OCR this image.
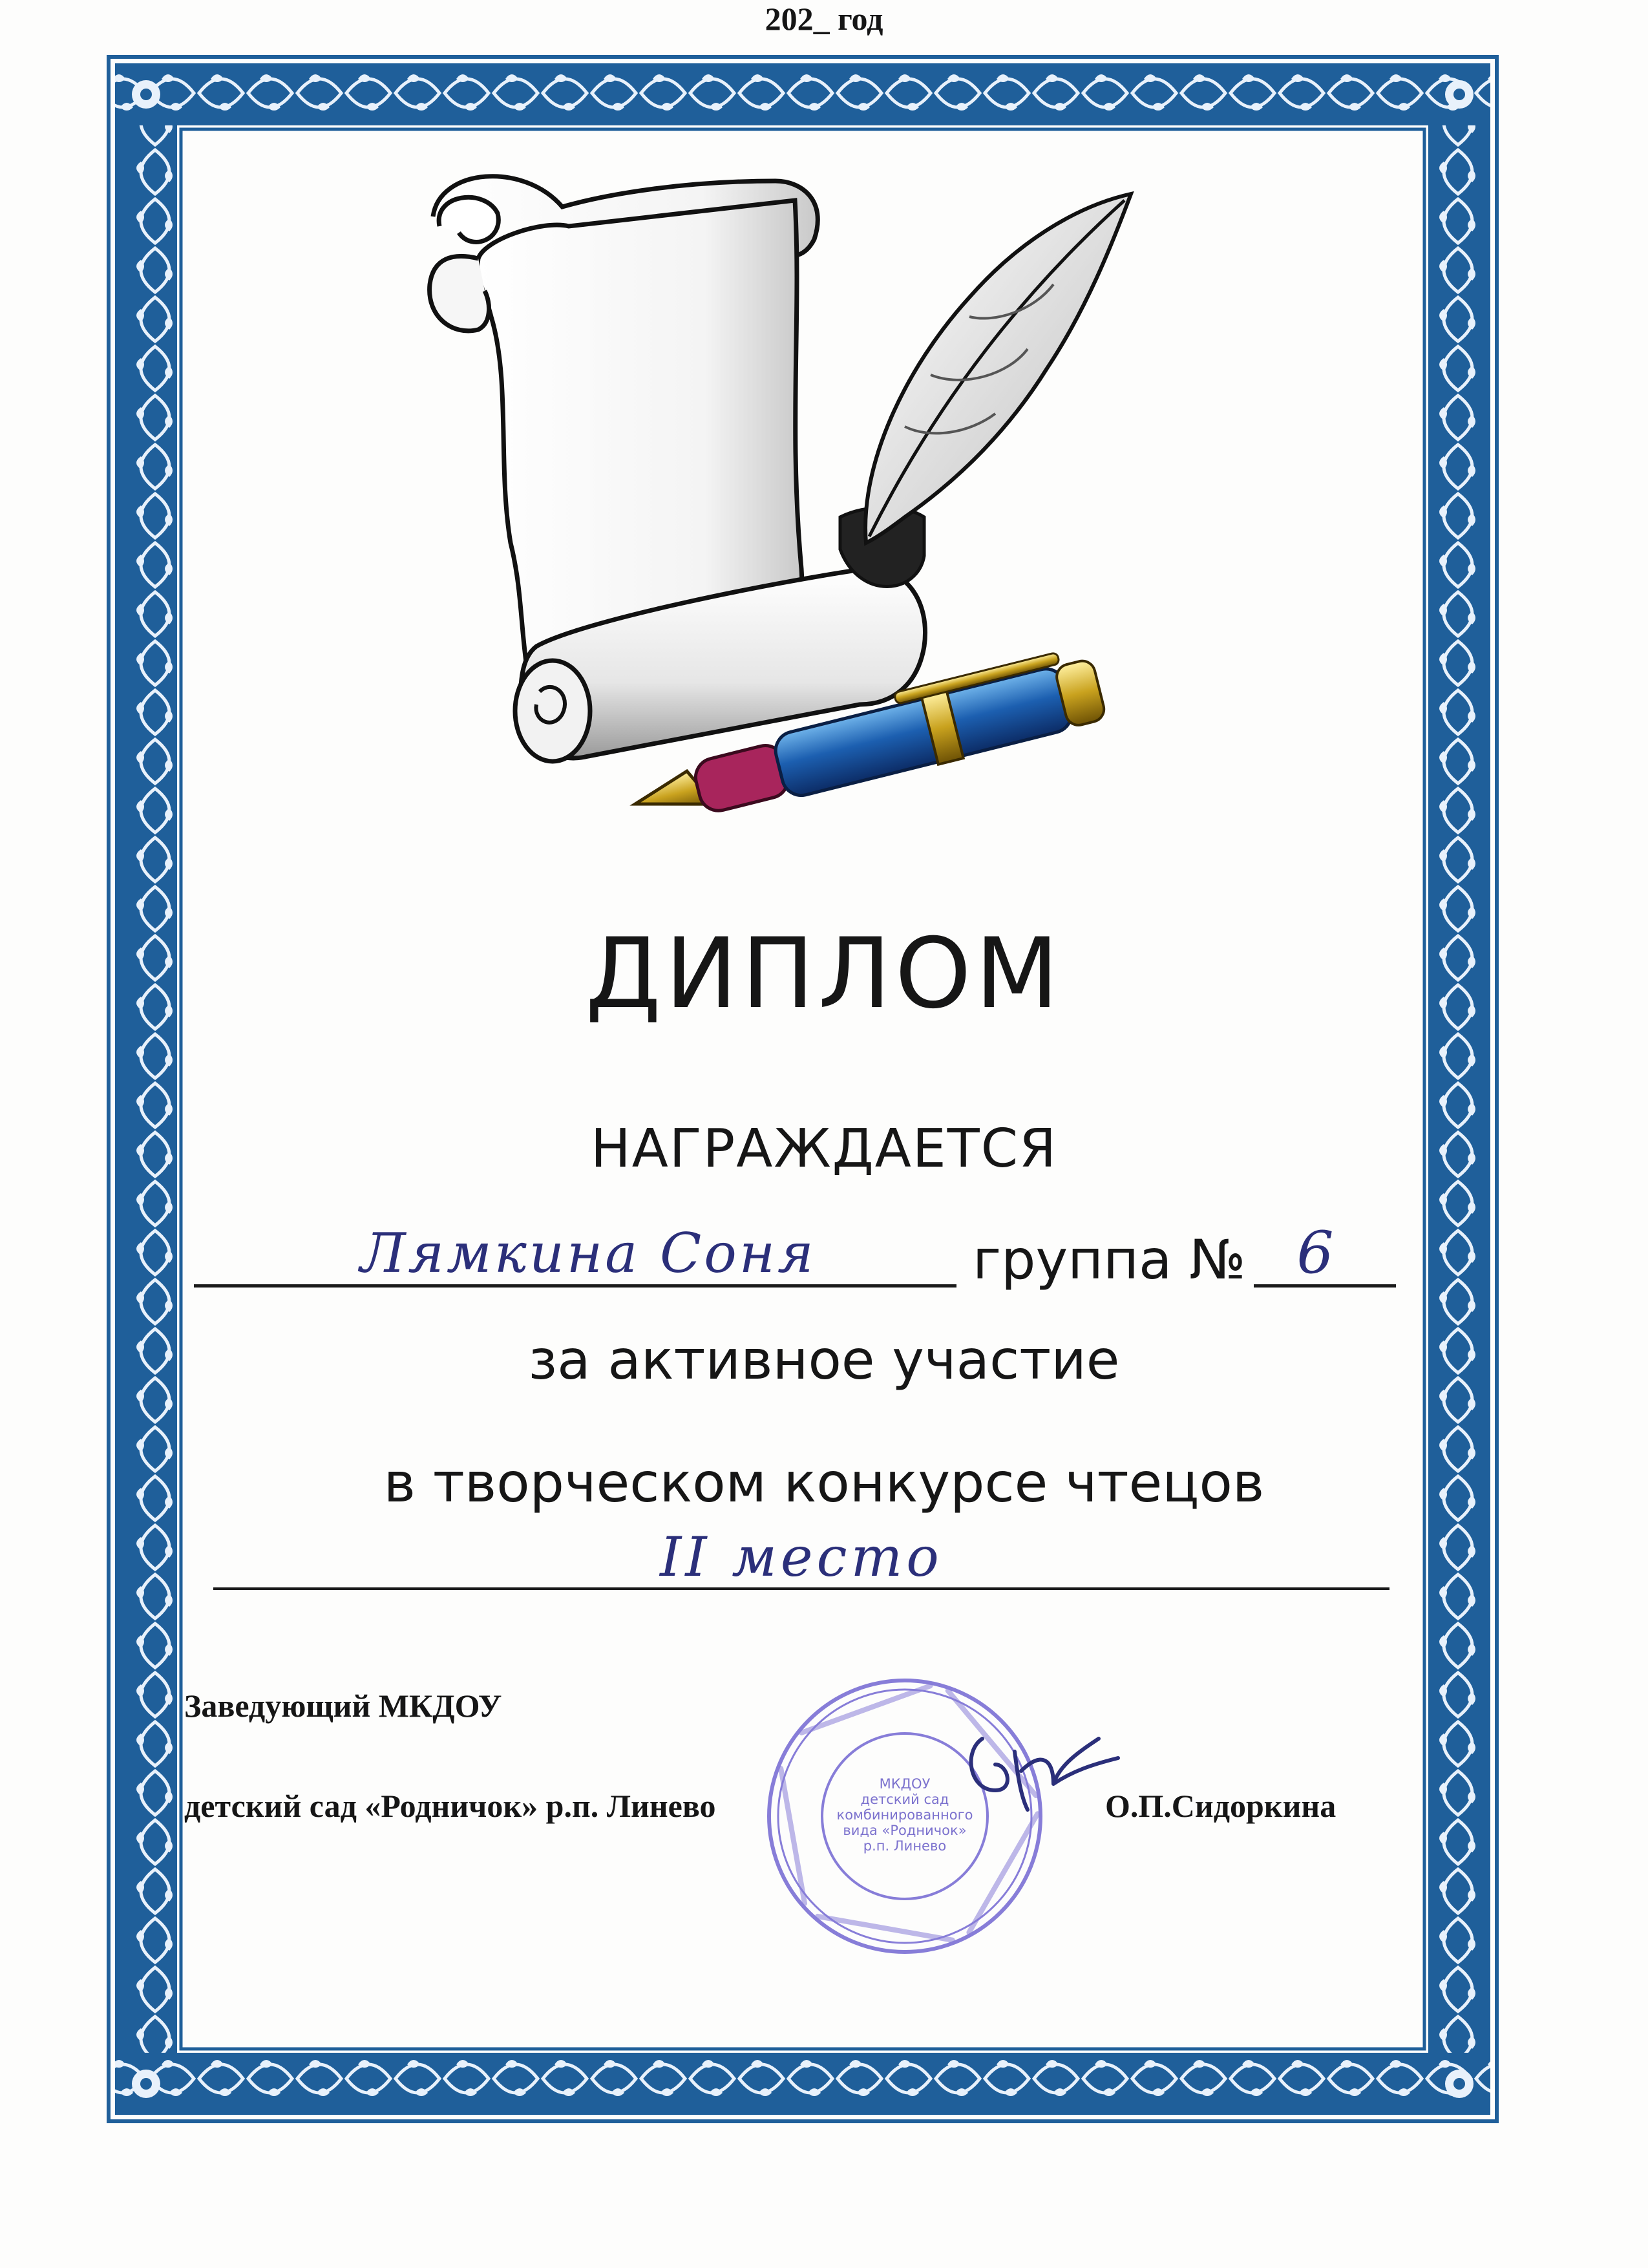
ДИПЛОМ
НАГРАЖДАЕТСЯ
Лямкина Соня	группа № 6
за активное участие
в творческом конкурсе чтецов
II место
МКДОУ
детский сад
комбинированного
вида «Родничок»
р.п. Линево
Заведующий МКДОУ
детский сад «Родничок» р.п. Линево	О.П.Сидоркина
202_ год
